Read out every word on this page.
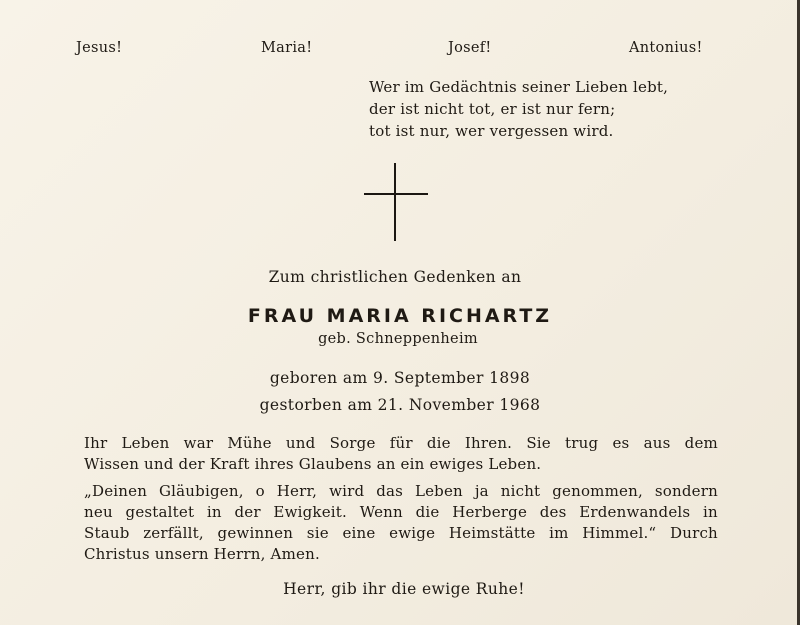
Jesus!	Maria!	Josef!	Antonius!
Wer im Gedächtnis seiner Lieben lebt,
der ist nicht tot, er ist nur fern;
tot ist nur, wer vergessen wird.
Zum christlichen Gedenken an
FRAU MARIA RICHARTZ
geb. Schneppenheim
geboren am 9. September 1898
gestorben am 21. November 1968
Ihr Leben war Mühe und Sorge für die Ihren. Sie trug es aus dem
Wissen und der Kraft ihres Glaubens an ein ewiges Leben.
„Deinen Gläubigen, o Herr, wird das Leben ja nicht genommen, sondern
neu gestaltet in der Ewigkeit. Wenn die Herberge des Erdenwandels in
Staub zerfällt, gewinnen sie eine ewige Heimstätte im Himmel.“ Durch
Christus unsern Herrn, Amen.
Herr, gib ihr die ewige Ruhe!
